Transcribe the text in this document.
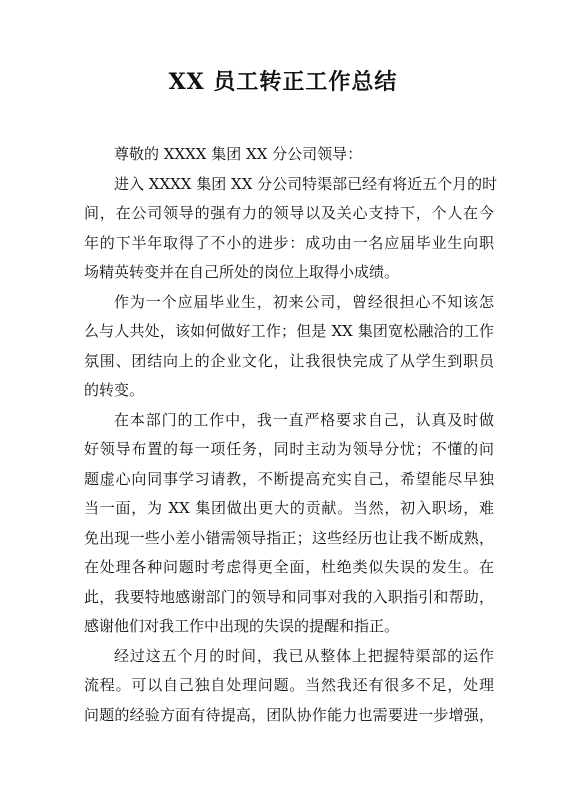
XX 员工转正工作总结

尊敬的 XXXX 集团 XX 分公司领导：

进入 XXXX 集团 XX 分公司特渠部已经有将近五个月的时
间，在公司领导的强有力的领导以及关心支持下，个人在今
年的下半年取得了不小的进步：成功由一名应届毕业生向职
场精英转变并在自己所处的岗位上取得小成绩。

作为一个应届毕业生，初来公司，曾经很担心不知该怎
么与人共处，该如何做好工作；但是 XX 集团宽松融洽的工作
氛围、团结向上的企业文化，让我很快完成了从学生到职员
的转变。

在本部门的工作中，我一直严格要求自己，认真及时做
好领导布置的每一项任务，同时主动为领导分忧；不懂的问
题虚心向同事学习请教，不断提高充实自己，希望能尽早独
当一面，为 XX 集团做出更大的贡献。当然，初入职场，难
免出现一些小差小错需领导指正；这些经历也让我不断成熟，
在处理各种问题时考虑得更全面，杜绝类似失误的发生。在
此，我要特地感谢部门的领导和同事对我的入职指引和帮助，
感谢他们对我工作中出现的失误的提醒和指正。

经过这五个月的时间，我已从整体上把握特渠部的运作
流程。可以自己独自处理问题。当然我还有很多不足，处理
问题的经验方面有待提高，团队协作能力也需要进一步增强，
